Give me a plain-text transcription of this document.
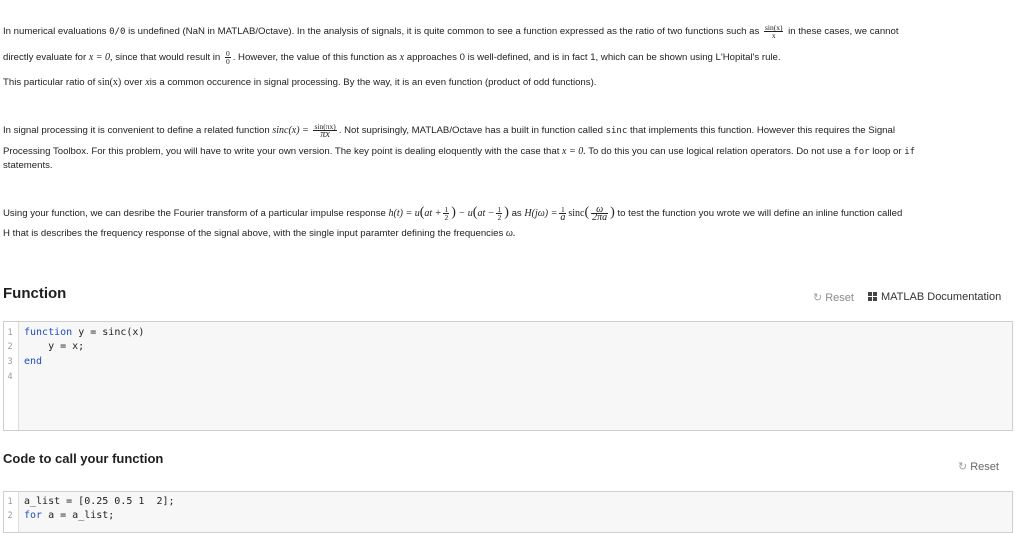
In numerical evaluations 0/0 is undefined (NaN in MATLAB/Octave). In the analysis of signals, it is quite common to see a function expressed as the ratio of two functions such as $\frac{\sin(x)}{x}$ in these cases, we cannot
directly evaluate for x = 0, since that would result in $\frac{0}{0}$ . However, the value of this function as x approaches 0 is well-defined, and is in fact 1, which can be shown using L'Hopital's rule.
This particular ratio of sin(x) over xis a common occurence in signal processing. By the way, it is an even function (product of odd functions).
In signal processing it is convenient to define a related function $\sin c(x) = \frac{\sin(\pi x)}{\pi x}$ . Not suprisingly, MATLAB/Octave has a built in function called sinc that implements this function. However this requires the Signal
Processing Toolbox. For this problem, you will have to write your own version. The key point is dealing eloquently with the case that x = 0. To do this you can use logical relation operators. Do not use a for loop or if
statements.
Using your function, we can desribe the Fourier transform of a particular impulse response $h(t) = u(at + \frac{1}{2}$ ) − $u(at - \frac{1}{2}$ ) as $H(j\omega) = \frac{1}{a} \sin c( \frac{\omega}{2\pi a}$ ) to test the function you wrote we will define an inline function called
H that is describes the frequency response of the signal above, with the single input paramter defining the frequencies ω.
Function	↻ Reset	MATLAB Documentation
1
2
3
4
function y = sinc(x)
y = x;
end
Code to call your function
↻ Reset
1
2
a_list = [0.25 0.5 1  2];
for a = a_list;
